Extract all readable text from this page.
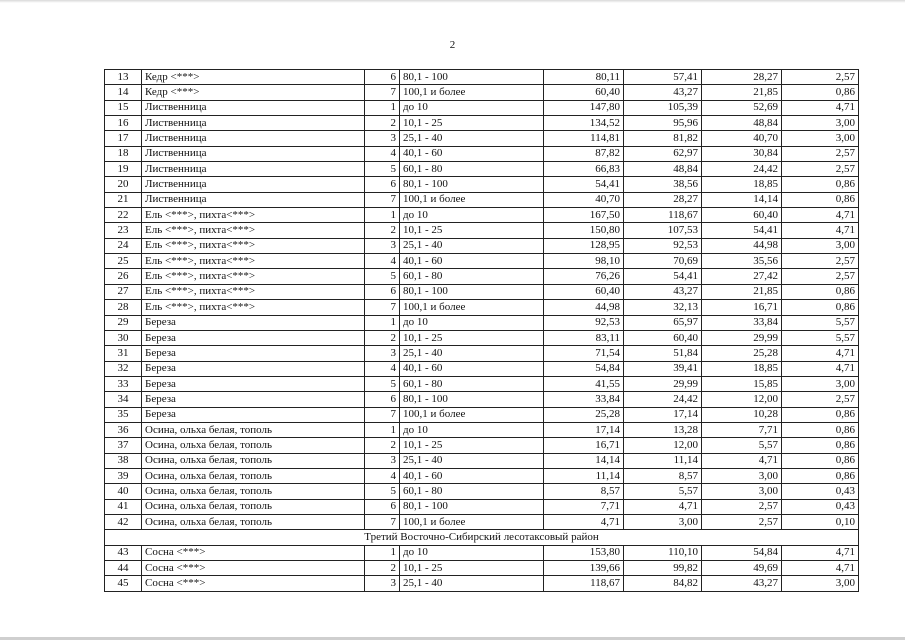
2
13	Кедр <***>	6	80,1 - 100	80,11	57,41	28,27	2,57
14	Кедр <***>	7	100,1 и более	60,40	43,27	21,85	0,86
15	Лиственница	1	до 10	147,80	105,39	52,69	4,71
16	Лиственница	2	10,1 - 25	134,52	95,96	48,84	3,00
17	Лиственница	3	25,1 - 40	114,81	81,82	40,70	3,00
18	Лиственница	4	40,1 - 60	87,82	62,97	30,84	2,57
19	Лиственница	5	60,1 - 80	66,83	48,84	24,42	2,57
20	Лиственница	6	80,1 - 100	54,41	38,56	18,85	0,86
21	Лиственница	7	100,1 и более	40,70	28,27	14,14	0,86
22	Ель <***>, пихта<***>	1	до 10	167,50	118,67	60,40	4,71
23	Ель <***>, пихта<***>	2	10,1 - 25	150,80	107,53	54,41	4,71
24	Ель <***>, пихта<***>	3	25,1 - 40	128,95	92,53	44,98	3,00
25	Ель <***>, пихта<***>	4	40,1 - 60	98,10	70,69	35,56	2,57
26	Ель <***>, пихта<***>	5	60,1 - 80	76,26	54,41	27,42	2,57
27	Ель <***>, пихта<***>	6	80,1 - 100	60,40	43,27	21,85	0,86
28	Ель <***>, пихта<***>	7	100,1 и более	44,98	32,13	16,71	0,86
29	Береза	1	до 10	92,53	65,97	33,84	5,57
30	Береза	2	10,1 - 25	83,11	60,40	29,99	5,57
31	Береза	3	25,1 - 40	71,54	51,84	25,28	4,71
32	Береза	4	40,1 - 60	54,84	39,41	18,85	4,71
33	Береза	5	60,1 - 80	41,55	29,99	15,85	3,00
34	Береза	6	80,1 - 100	33,84	24,42	12,00	2,57
35	Береза	7	100,1 и более	25,28	17,14	10,28	0,86
36	Осина, ольха белая, тополь	1	до 10	17,14	13,28	7,71	0,86
37	Осина, ольха белая, тополь	2	10,1 - 25	16,71	12,00	5,57	0,86
38	Осина, ольха белая, тополь	3	25,1 - 40	14,14	11,14	4,71	0,86
39	Осина, ольха белая, тополь	4	40,1 - 60	11,14	8,57	3,00	0,86
40	Осина, ольха белая, тополь	5	60,1 - 80	8,57	5,57	3,00	0,43
41	Осина, ольха белая, тополь	6	80,1 - 100	7,71	4,71	2,57	0,43
42	Осина, ольха белая, тополь	7	100,1 и более	4,71	3,00	2,57	0,10
Третий Восточно-Сибирский лесотаксовый район							
43	Сосна <***>	1	до 10	153,80	110,10	54,84	4,71
44	Сосна <***>	2	10,1 - 25	139,66	99,82	49,69	4,71
45	Сосна <***>	3	25,1 - 40	118,67	84,82	43,27	3,00
